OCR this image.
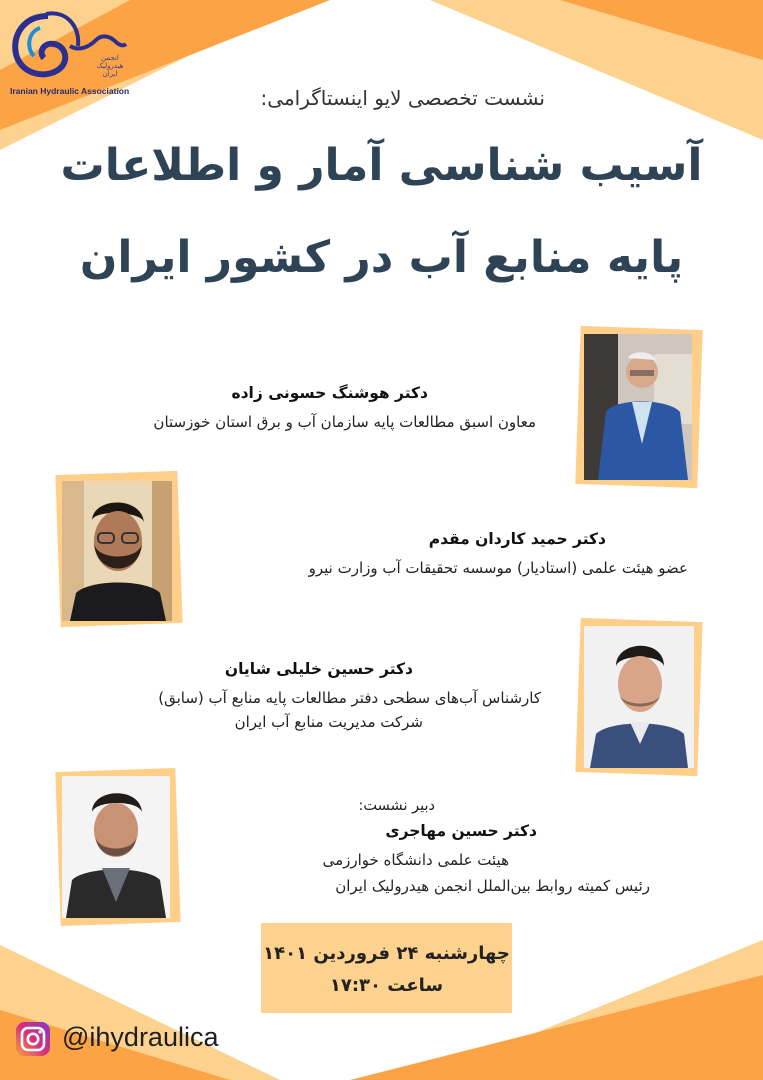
انجمن هیدرولیک ایران
Iranian Hydraulic Association	نشست تخصصی لایو اینستاگرامی:
آسیب شناسی آمار و اطلاعات
پایه منابع آب در کشور ایران
دکتر هوشنگ حسونی زاده
معاون اسبق مطالعات پایه سازمان آب و برق استان خوزستان
دکتر حمید کاردان مقدم
عضو هیئت علمی (استادیار) موسسه تحقیقات آب وزارت نیرو
دکتر حسین خلیلی شایان
کارشناس آب‌های سطحی دفتر مطالعات پایه منابع آب (سابق)
شرکت مدیریت منابع آب ایران
دبیر نشست:
دکتر حسین مهاجری
هیئت علمی دانشگاه خوارزمی
رئیس کمیته روابط بین‌الملل انجمن هیدرولیک ایران
چهارشنبه ۲۴ فروردین ۱۴۰۱
ساعت ۱۷:۳۰
@ihydraulica
